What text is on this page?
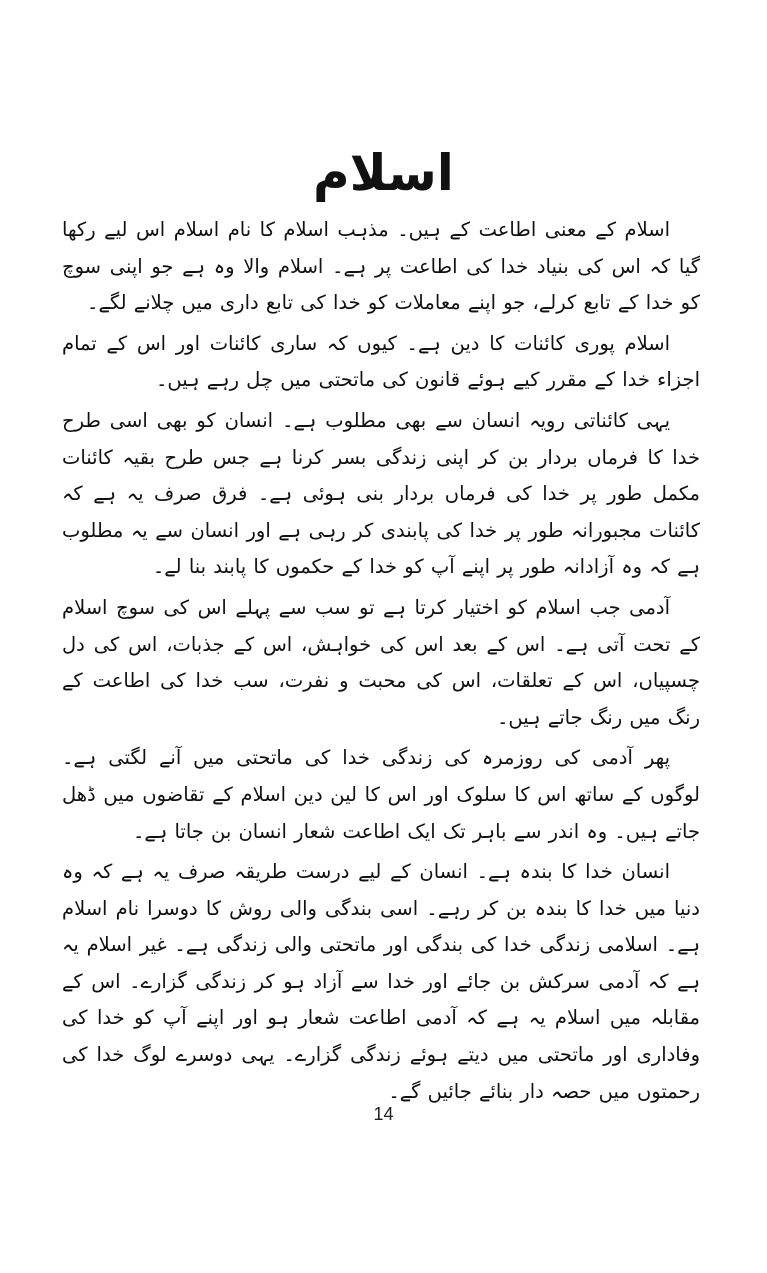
اسلام

اسلام کے معنی اطاعت کے ہیں۔ مذہب اسلام کا نام اسلام اس لیے رکھا گیا کہ اس کی بنیاد خدا کی اطاعت پر ہے۔ اسلام والا وہ ہے جو اپنی سوچ کو خدا کے تابع کرلے، جو اپنے معاملات کو خدا کی تابع داری میں چلانے لگے۔

اسلام پوری کائنات کا دین ہے۔ کیوں کہ ساری کائنات اور اس کے تمام اجزاء خدا کے مقرر کیے ہوئے قانون کی ماتحتی میں چل رہے ہیں۔

یہی کائناتی رویہ انسان سے بھی مطلوب ہے۔ انسان کو بھی اسی طرح خدا کا فرماں بردار بن کر اپنی زندگی بسر کرنا ہے جس طرح بقیہ کائنات مکمل طور پر خدا کی فرماں بردار بنی ہوئی ہے۔ فرق صرف یہ ہے کہ کائنات مجبورانہ طور پر خدا کی پابندی کر رہی ہے اور انسان سے یہ مطلوب ہے کہ وہ آزادانہ طور پر اپنے آپ کو خدا کے حکموں کا پابند بنا لے۔

آدمی جب اسلام کو اختیار کرتا ہے تو سب سے پہلے اس کی سوچ اسلام کے تحت آتی ہے۔ اس کے بعد اس کی خواہش، اس کے جذبات، اس کی دل چسپیاں، اس کے تعلقات، اس کی محبت و نفرت، سب خدا کی اطاعت کے رنگ میں رنگ جاتے ہیں۔

پھر آدمی کی روزمرہ کی زندگی خدا کی ماتحتی میں آنے لگتی ہے۔ لوگوں کے ساتھ اس کا سلوک اور اس کا لین دین اسلام کے تقاضوں میں ڈھل جاتے ہیں۔ وہ اندر سے باہر تک ایک اطاعت شعار انسان بن جاتا ہے۔

انسان خدا کا بندہ ہے۔ انسان کے لیے درست طریقہ صرف یہ ہے کہ وہ دنیا میں خدا کا بندہ بن کر رہے۔ اسی بندگی والی روش کا دوسرا نام اسلام ہے۔ اسلامی زندگی خدا کی بندگی اور ماتحتی والی زندگی ہے۔ غیر اسلام یہ ہے کہ آدمی سرکش بن جائے اور خدا سے آزاد ہو کر زندگی گزارے۔ اس کے مقابلہ میں اسلام یہ ہے کہ آدمی اطاعت شعار ہو اور اپنے آپ کو خدا کی وفاداری اور ماتحتی میں دیتے ہوئے زندگی گزارے۔ یہی دوسرے لوگ خدا کی رحمتوں میں حصہ دار بنائے جائیں گے۔

14
